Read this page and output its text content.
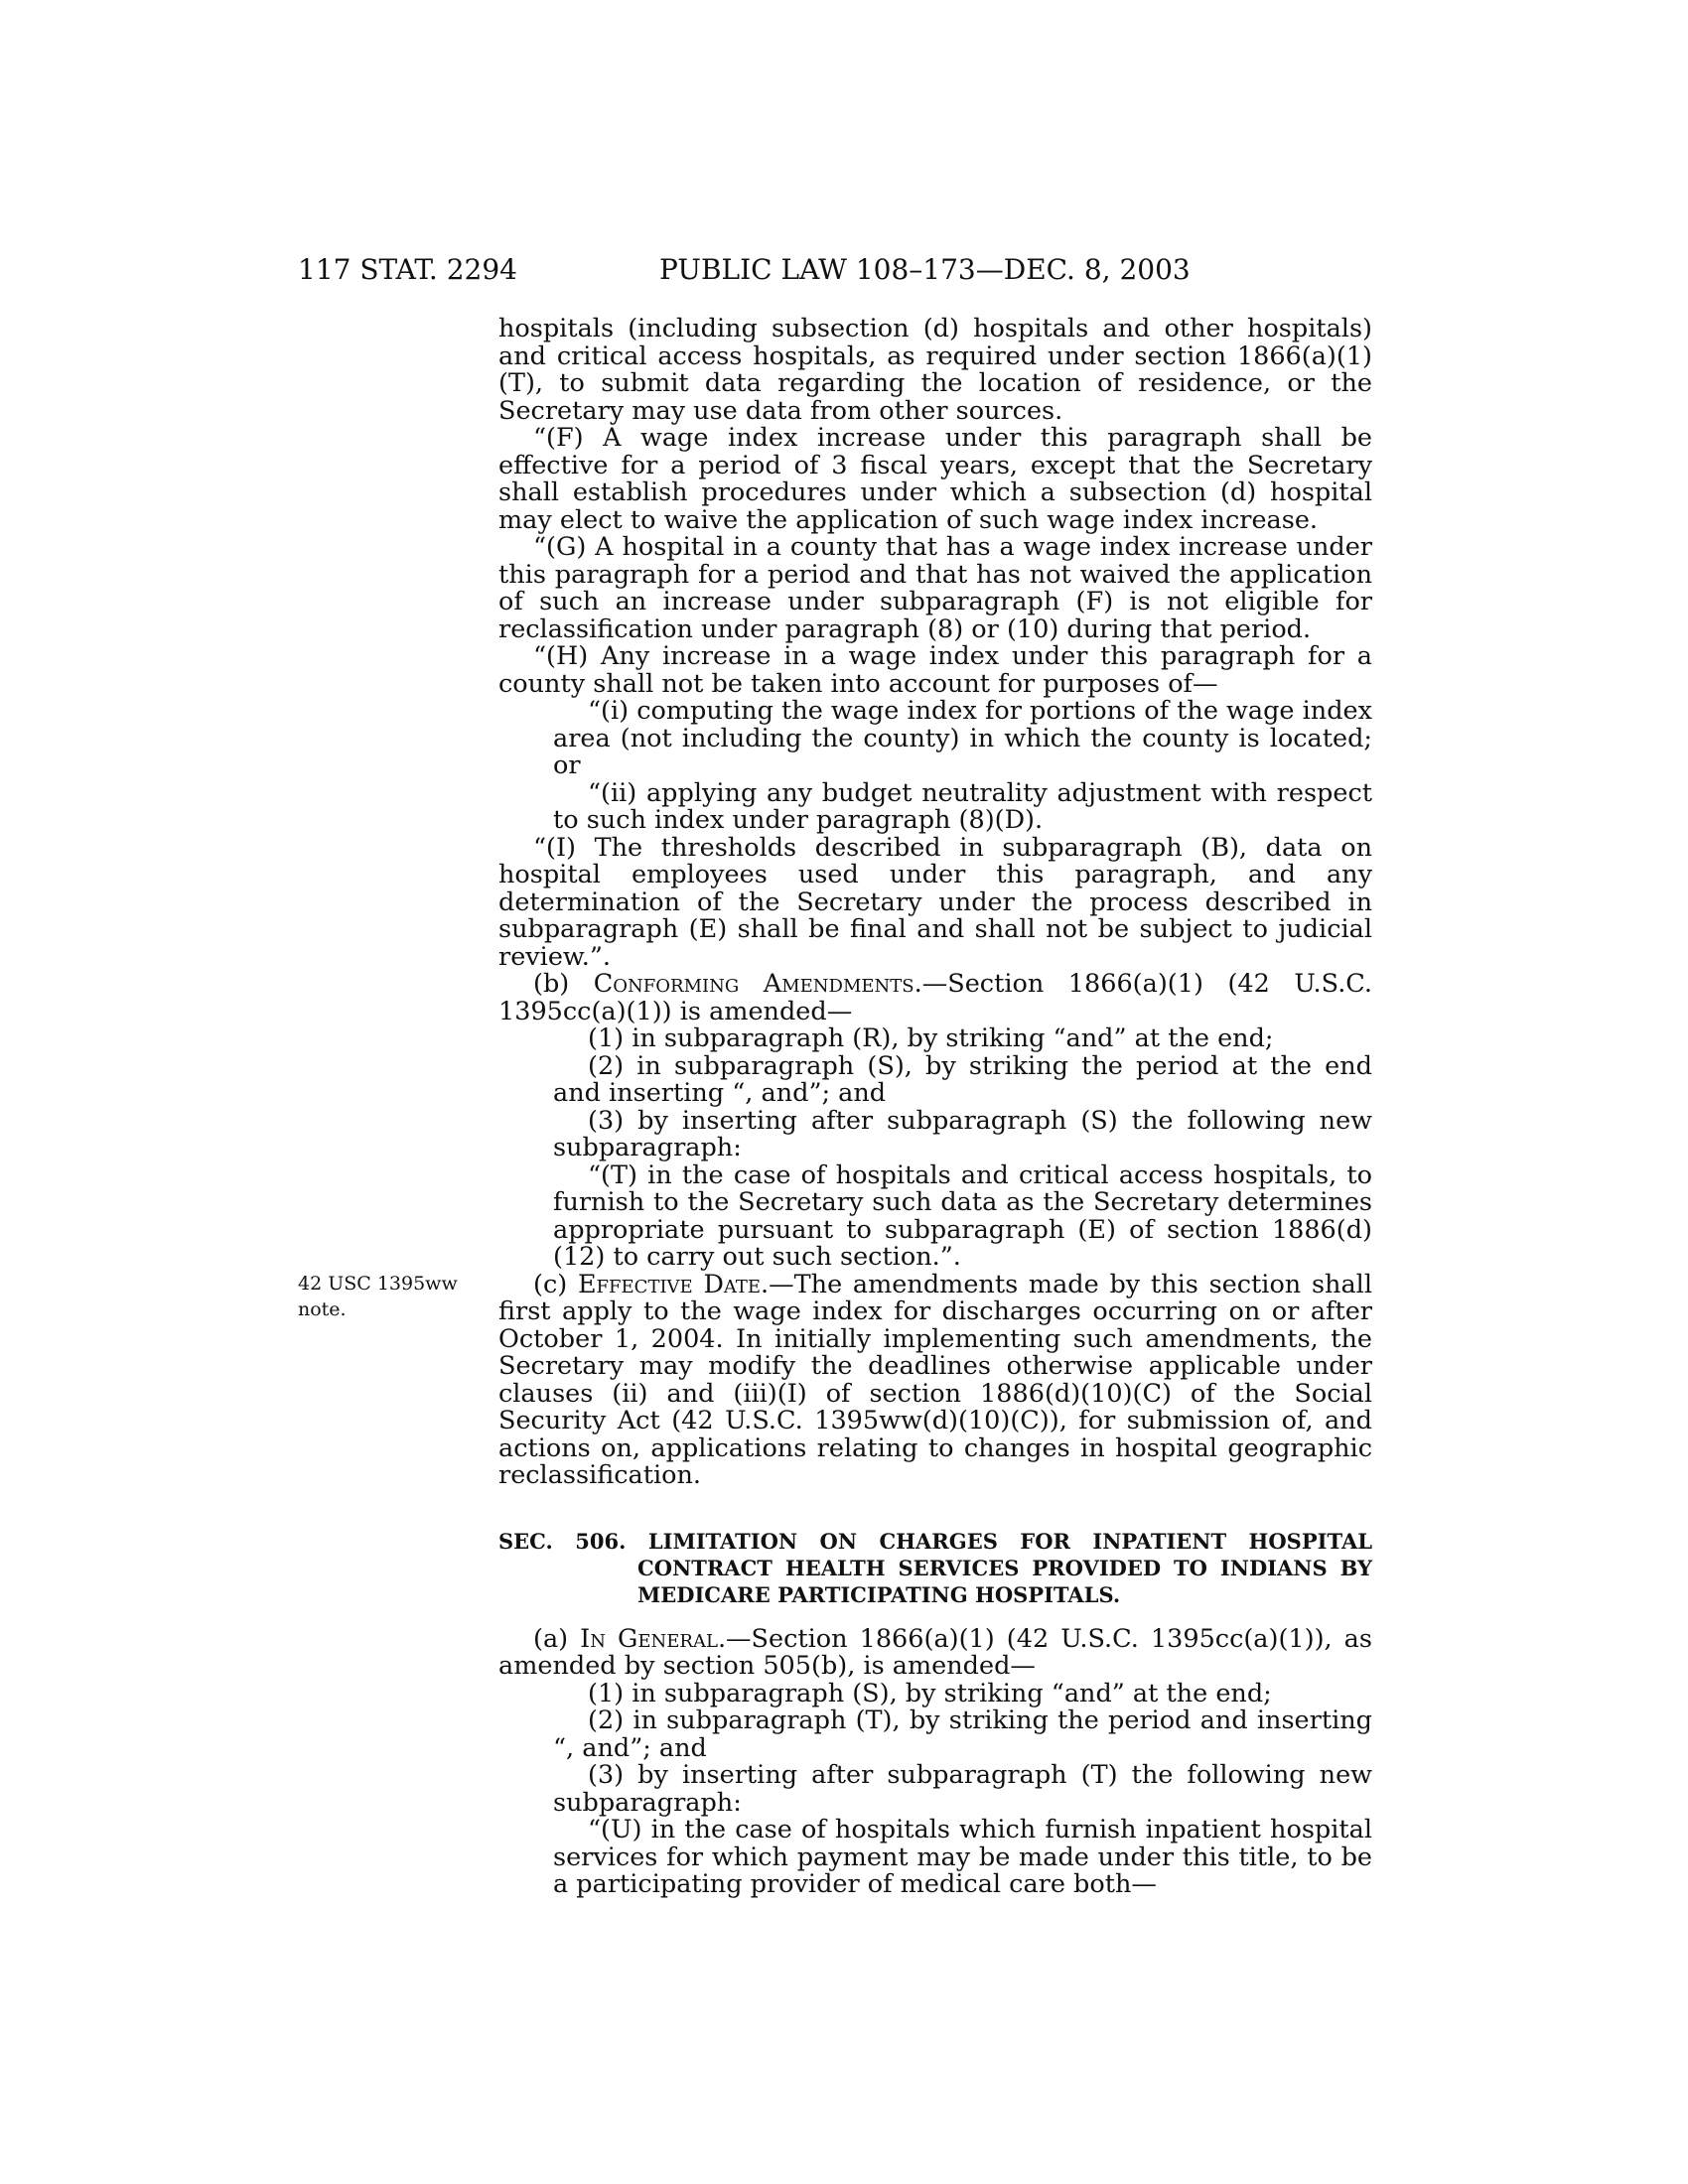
117 STAT. 2294	PUBLIC LAW 108–173—DEC. 8, 2003
42 USC 1395ww
note.

hospitals (including subsection (d) hospitals and other hospitals) and critical access hospitals, as required under section 1866(a)(1)(T), to submit data regarding the location of residence, or the Secretary may use data from other sources.

“(F) A wage index increase under this paragraph shall be effective for a period of 3 fiscal years, except that the Secretary shall establish procedures under which a subsection (d) hospital may elect to waive the application of such wage index increase.

“(G) A hospital in a county that has a wage index increase under this paragraph for a period and that has not waived the application of such an increase under subparagraph (F) is not eligible for reclassification under paragraph (8) or (10) during that period.

“(H) Any increase in a wage index under this paragraph for a county shall not be taken into account for purposes of—

“(i) computing the wage index for portions of the wage index area (not including the county) in which the county is located; or

“(ii) applying any budget neutrality adjustment with respect to such index under paragraph (8)(D).

“(I) The thresholds described in subparagraph (B), data on hospital employees used under this paragraph, and any determination of the Secretary under the process described in subparagraph (E) shall be final and shall not be subject to judicial review.”.

(b) Conforming Amendments.—Section 1866(a)(1) (42 U.S.C. 1395cc(a)(1)) is amended—

(1) in subparagraph (R), by striking “and” at the end;

(2) in subparagraph (S), by striking the period at the end and inserting “, and”; and

(3) by inserting after subparagraph (S) the following new subparagraph:

“(T) in the case of hospitals and critical access hospitals, to furnish to the Secretary such data as the Secretary determines appropriate pursuant to subparagraph (E) of section 1886(d)(12) to carry out such section.”.

(c) Effective Date.—The amendments made by this section shall first apply to the wage index for discharges occurring on or after October 1, 2004. In initially implementing such amendments, the Secretary may modify the deadlines otherwise applicable under clauses (ii) and (iii)(I) of section 1886(d)(10)(C) of the Social Security Act (42 U.S.C. 1395ww(d)(10)(C)), for submission of, and actions on, applications relating to changes in hospital geographic reclassification.

SEC. 506. LIMITATION ON CHARGES FOR INPATIENT HOSPITAL CONTRACT HEALTH SERVICES PROVIDED TO INDIANS BY MEDICARE PARTICIPATING HOSPITALS.

(a) In General.—Section 1866(a)(1) (42 U.S.C. 1395cc(a)(1)), as amended by section 505(b), is amended—

(1) in subparagraph (S), by striking “and” at the end;

(2) in subparagraph (T), by striking the period and inserting “, and”; and

(3) by inserting after subparagraph (T) the following new subparagraph:

“(U) in the case of hospitals which furnish inpatient hospital services for which payment may be made under this title, to be a participating provider of medical care both—
